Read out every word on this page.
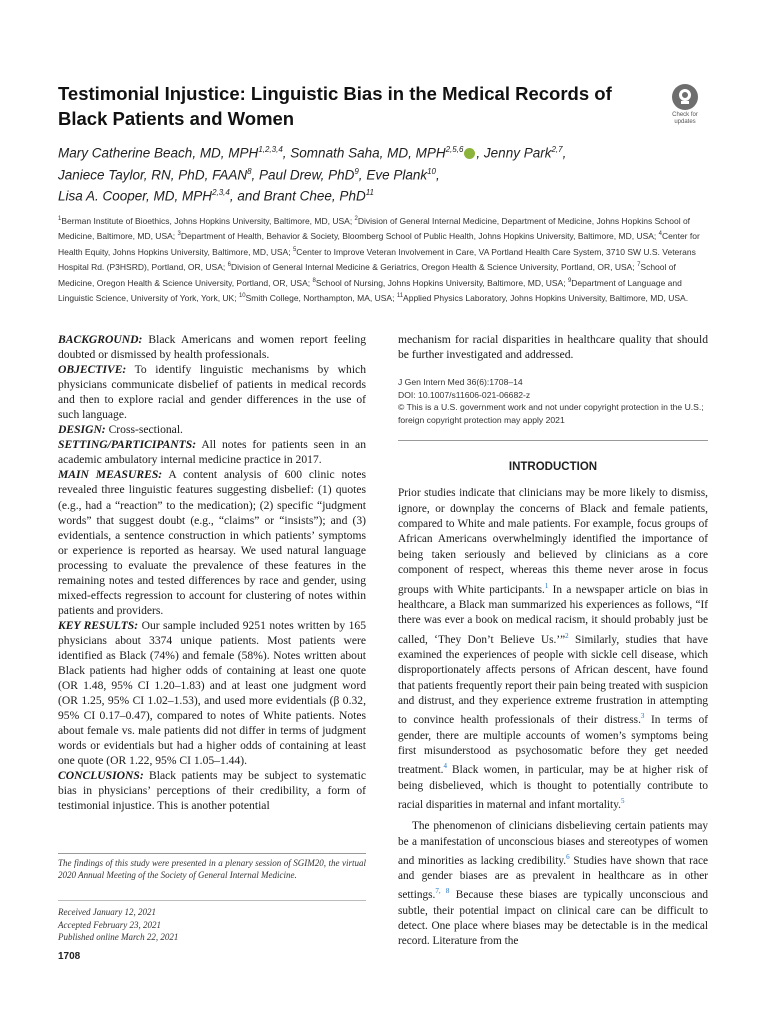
Testimonial Injustice: Linguistic Bias in the Medical Records of Black Patients and Women	Check for
updates
Mary Catherine Beach, MD, MPH$^{1,2,3,4}$, Somnath Saha, MD, MPH$^{2,5,6}$ , Jenny Park$^{2,7}$,
Janiece Taylor, RN, PhD, FAAN$^8$, Paul Drew, PhD$^9$, Eve Plank$^{10}$,
Lisa A. Cooper, MD, MPH$^{2,3,4}$, and Brant Chee, PhD$^{11}$
$^1$Berman Institute of Bioethics, Johns Hopkins University, Baltimore, MD, USA; $^2$Division of General Internal Medicine, Department of Medicine, Johns Hopkins School of Medicine, Baltimore, MD, USA; $^3$Department of Health, Behavior & Society, Bloomberg School of Public Health, Johns Hopkins University, Baltimore, MD, USA; $^4$Center for Health Equity, Johns Hopkins University, Baltimore, MD, USA; $^5$Center to Improve Veteran Involvement in Care, VA Portland Health Care System, 3710 SW U.S. Veterans Hospital Rd. (P3HSRD), Portland, OR, USA; $^6$Division of General Internal Medicine & Geriatrics, Oregon Health & Science University, Portland, OR, USA; $^7$School of Medicine, Oregon Health & Science University, Portland, OR, USA; $^8$School of Nursing, Johns Hopkins University, Baltimore, MD, USA; $^9$Department of Language and Linguistic Science, University of York, York, UK; $^{10}$Smith College, Northampton, MA, USA; $^{11}$Applied Physics Laboratory, Johns Hopkins University, Baltimore, MD, USA.
BACKGROUND: Black Americans and women report feeling doubted or dismissed by health professionals.
OBJECTIVE: To identify linguistic mechanisms by which physicians communicate disbelief of patients in medical records and then to explore racial and gender differences in the use of such language.
DESIGN: Cross-sectional.
SETTING/PARTICIPANTS: All notes for patients seen in an academic ambulatory internal medicine practice in 2017.
MAIN MEASURES: A content analysis of 600 clinic notes revealed three linguistic features suggesting disbelief: (1) quotes (e.g., had a “reaction” to the medication); (2) specific “judgment words” that suggest doubt (e.g., “claims” or “insists”); and (3) evidentials, a sentence construction in which patients’ symptoms or experience is reported as hearsay. We used natural language processing to evaluate the prevalence of these features in the remaining notes and tested differences by race and gender, using mixed-effects regression to account for clustering of notes within patients and providers.
KEY RESULTS: Our sample included 9251 notes written by 165 physicians about 3374 unique patients. Most patients were identified as Black (74%) and female (58%). Notes written about Black patients had higher odds of containing at least one quote (OR 1.48, 95% CI 1.20–1.83) and at least one judgment word (OR 1.25, 95% CI 1.02–1.53), and used more evidentials (β 0.32, 95% CI 0.17–0.47), compared to notes of White patients. Notes about female vs. male patients did not differ in terms of judgment words or evidentials but had a higher odds of containing at least one quote (OR 1.22, 95% CI 1.05–1.44).
CONCLUSIONS: Black patients may be subject to systematic bias in physicians’ perceptions of their credibility, a form of testimonial injustice. This is another potential

mechanism for racial disparities in healthcare quality that should be further investigated and addressed.

J Gen Intern Med 36(6):1708–14
DOI: 10.1007/s11606-021-06682-z
© This is a U.S. government work and not under copyright protection in the U.S.; foreign copyright protection may apply 2021
INTRODUCTION

Prior studies indicate that clinicians may be more likely to dismiss, ignore, or downplay the concerns of Black and female patients, compared to White and male patients. For example, focus groups of African Americans overwhelmingly identified the importance of being taken seriously and believed by clinicians as a core component of respect, whereas this theme never arose in focus groups with White participants.$^1$ In a newspaper article on bias in healthcare, a Black man summarized his experiences as follows, “If there was ever a book on medical racism, it should probably just be called, ‘They Don’t Believe Us.’”$^2$ Similarly, studies that have examined the experiences of people with sickle cell disease, which disproportionately affects persons of African descent, have found that patients frequently report their pain being treated with suspicion and distrust, and they experience extreme frustration in attempting to convince health professionals of their distress.$^3$ In terms of gender, there are multiple accounts of women’s symptoms being first misunderstood as psychosomatic before they get needed treatment.$^4$ Black women, in particular, may be at higher risk of being disbelieved, which is thought to potentially contribute to racial disparities in maternal and infant mortality.$^5$

The phenomenon of clinicians disbelieving certain patients may be a manifestation of unconscious biases and stereotypes of women and minorities as lacking credibility.$^6$ Studies have shown that race and gender biases are as prevalent in healthcare as in other settings.$^{7, 8}$ Because these biases are typically unconscious and subtle, their potential impact on clinical care can be difficult to detect. One place where biases may be detectable is in the medical record. Literature from the

The findings of this study were presented in a plenary session of SGIM20, the virtual 2020 Annual Meeting of the Society of General Internal Medicine.
Received January 12, 2021
Accepted February 23, 2021
Published online March 22, 2021
1708
